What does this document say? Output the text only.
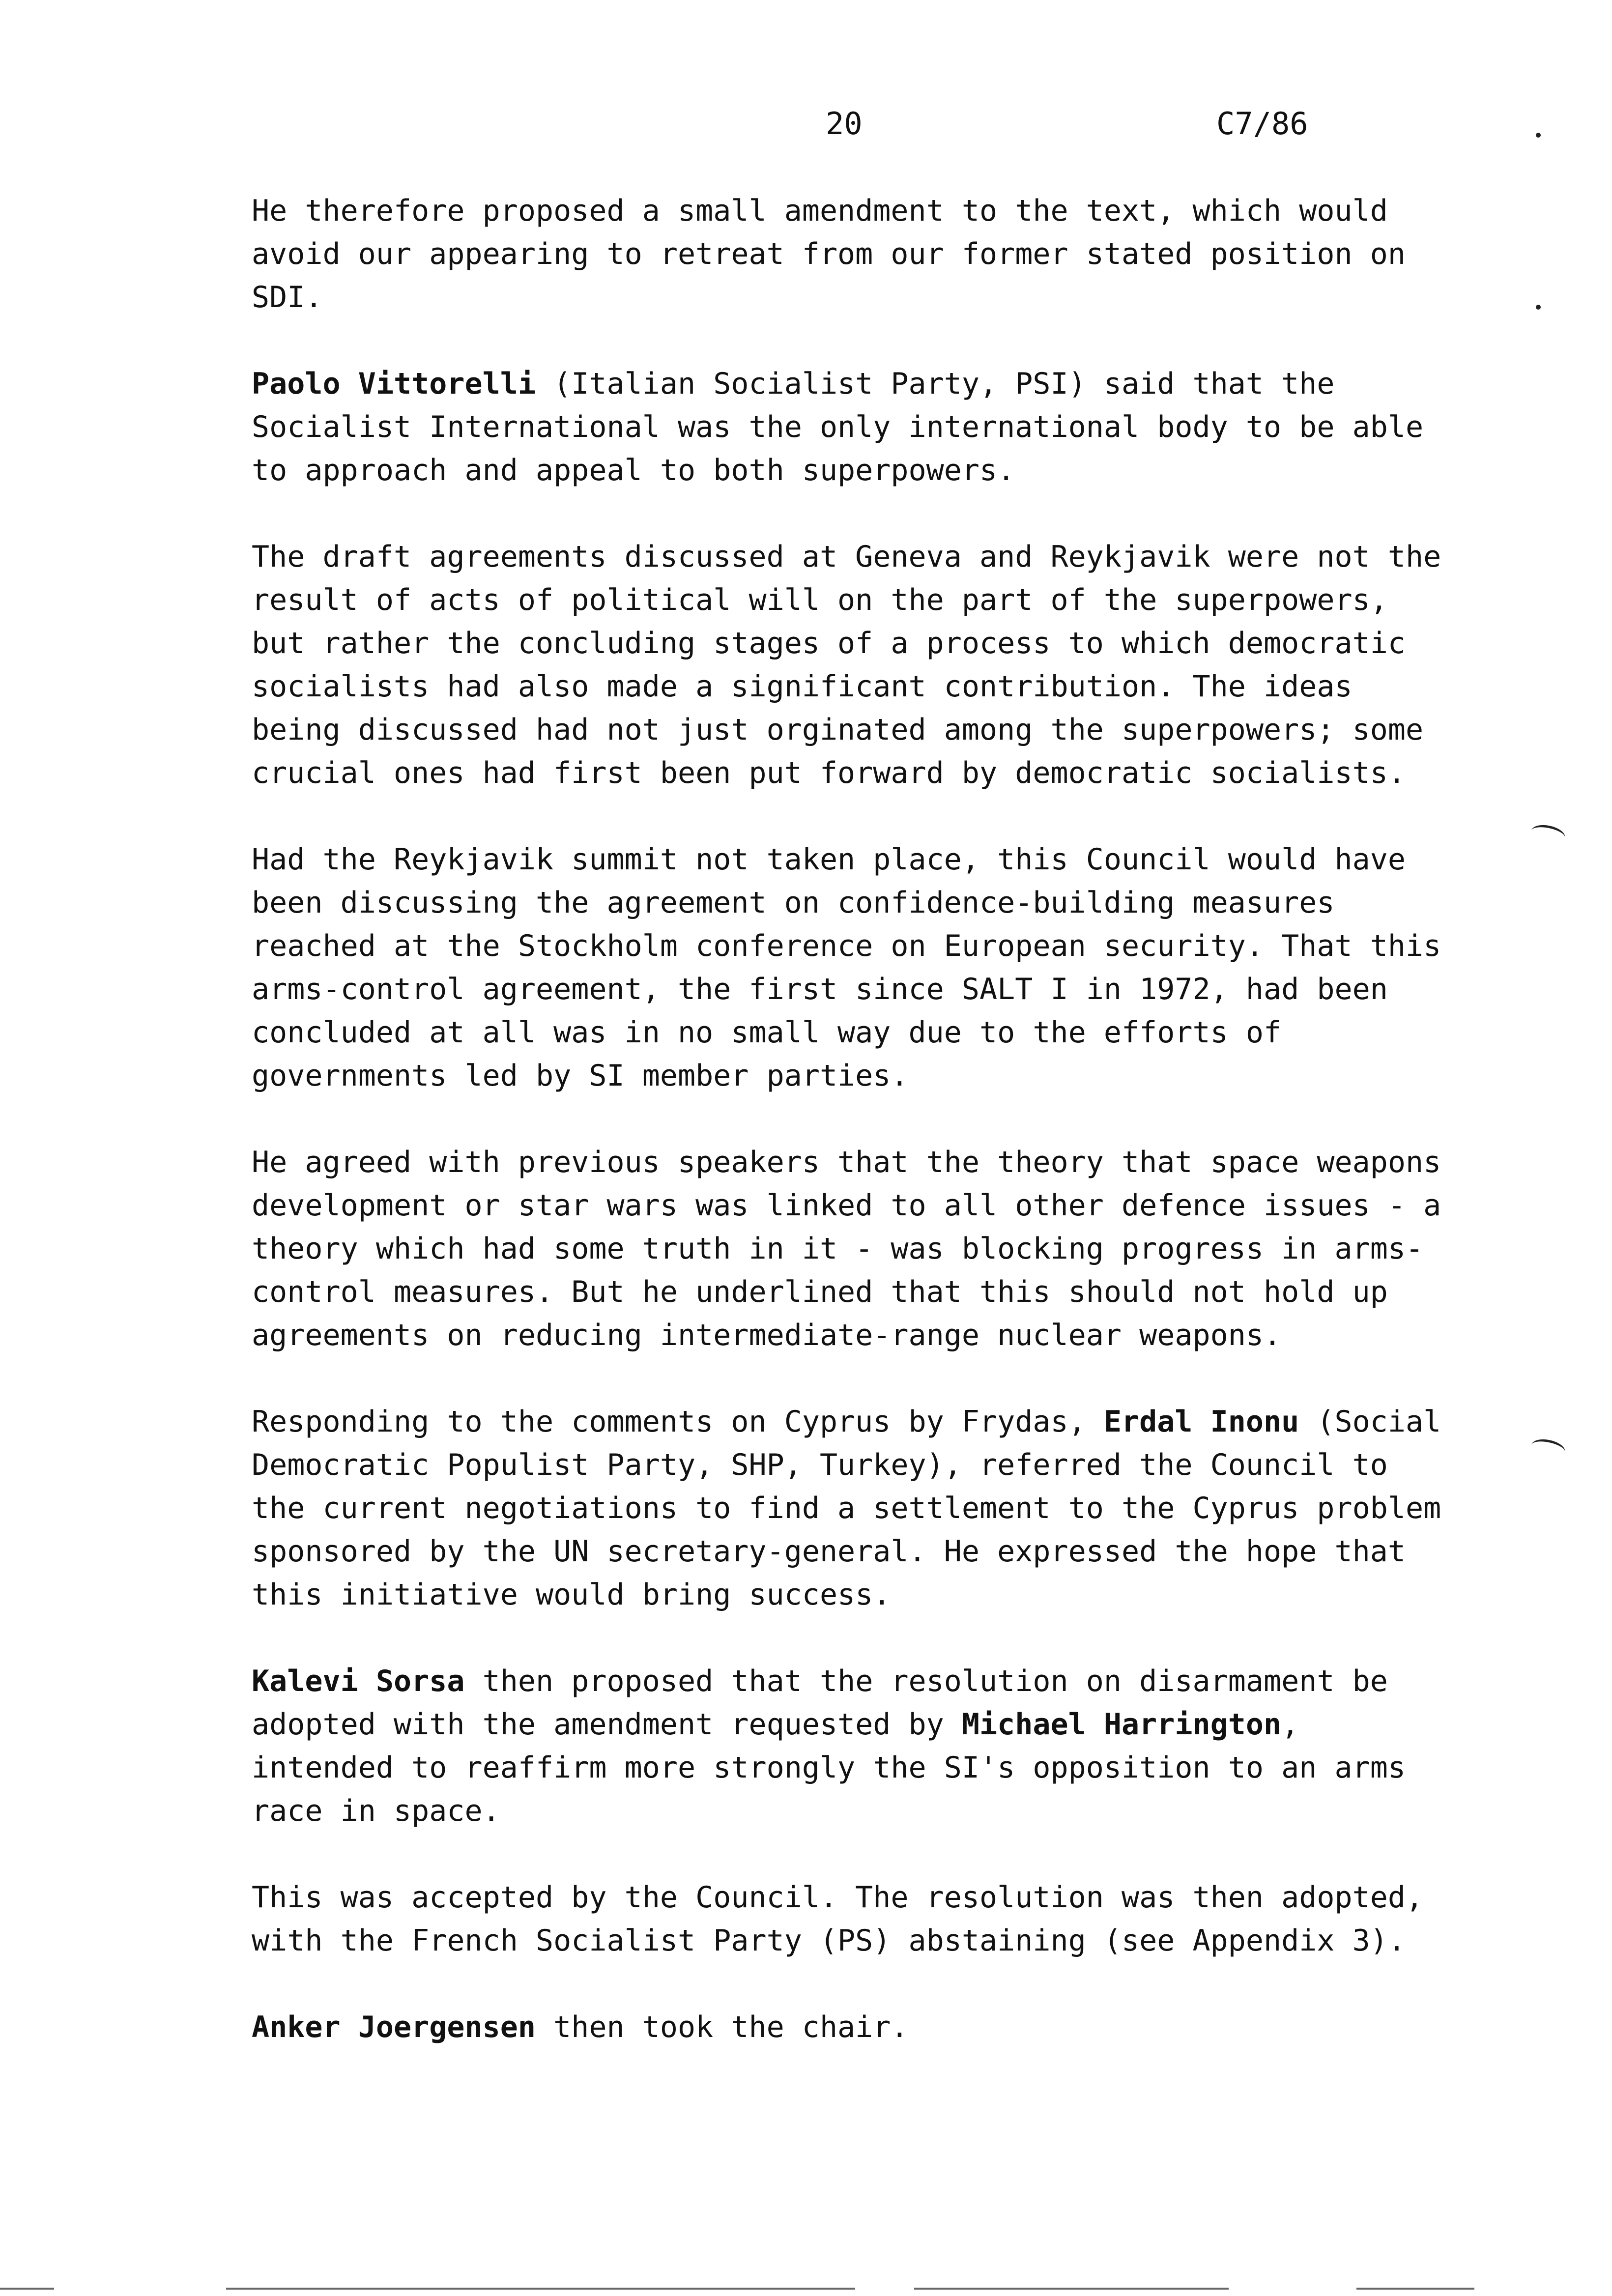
20	C7/86

He therefore proposed a small amendment to the text, which would avoid our appearing to retreat from our former stated position on SDI.

Paolo Vittorelli (Italian Socialist Party, PSI) said that the Socialist International was the only international body to be able to approach and appeal to both superpowers.

The draft agreements discussed at Geneva and Reykjavik were not the result of acts of political will on the part of the superpowers, but rather the concluding stages of a process to which democratic socialists had also made a significant contribution. The ideas being discussed had not just orginated among the superpowers; some crucial ones had first been put forward by democratic socialists.

Had the Reykjavik summit not taken place, this Council would have been discussing the agreement on confidence-building measures reached at the Stockholm conference on European security. That this arms-control agreement, the first since SALT I in 1972, had been concluded at all was in no small way due to the efforts of governments led by SI member parties.

He agreed with previous speakers that the theory that space weapons development or star wars was linked to all other defence issues - a theory which had some truth in it - was blocking progress in arms-control measures. But he underlined that this should not hold up agreements on reducing intermediate-range nuclear weapons.

Responding to the comments on Cyprus by Frydas, Erdal Inonu (Social Democratic Populist Party, SHP, Turkey), referred the Council to the current negotiations to find a settlement to the Cyprus problem sponsored by the UN secretary-general. He expressed the hope that this initiative would bring success.

Kalevi Sorsa then proposed that the resolution on disarmament be adopted with the amendment requested by Michael Harrington, intended to reaffirm more strongly the SI's opposition to an arms race in space.

This was accepted by the Council. The resolution was then adopted, with the French Socialist Party (PS) abstaining (see Appendix 3).

Anker Joergensen then took the chair.
